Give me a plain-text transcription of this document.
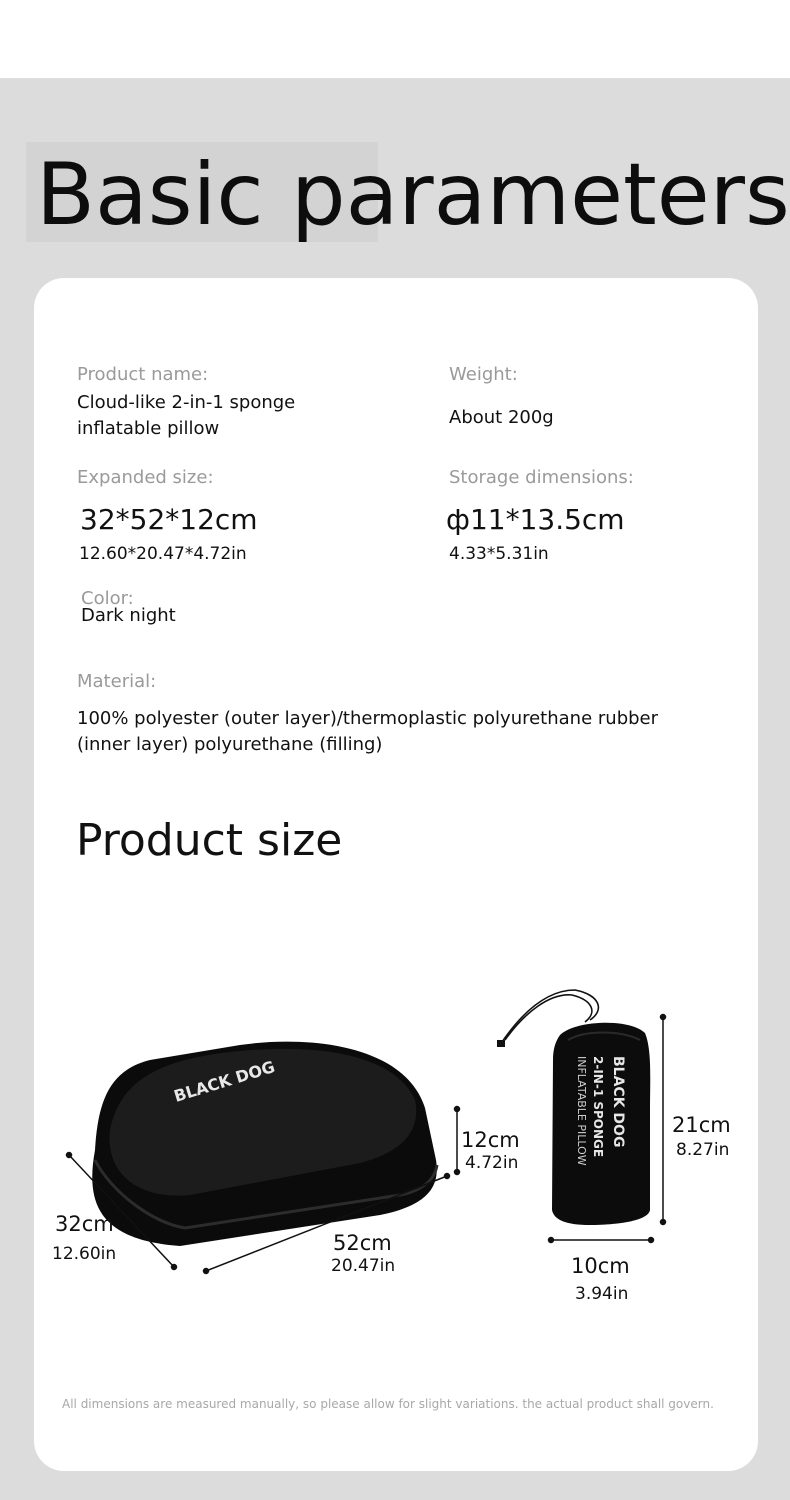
Basic parameters
Product name:
Cloud-like 2-in-1 sponge
inflatable pillow
Weight:
About 200g
Expanded size:
32*52*12cm
12.60*20.47*4.72in
Storage dimensions:
ф11*13.5cm
4.33*5.31in
Color:
Dark night
Material:
100% polyester (outer layer)/thermoplastic polyurethane rubber
(inner layer) polyurethane (filling)
Product size
BLACK DOG	BLACK DOG
2-IN-1 SPONGE
INFLATABLE PILLOW
12cm
4.72in
32cm
12.60in	52cm
20.47in
21cm
8.27in
10cm
3.94in
All dimensions are measured manually, so please allow for slight variations. the actual product shall govern.
